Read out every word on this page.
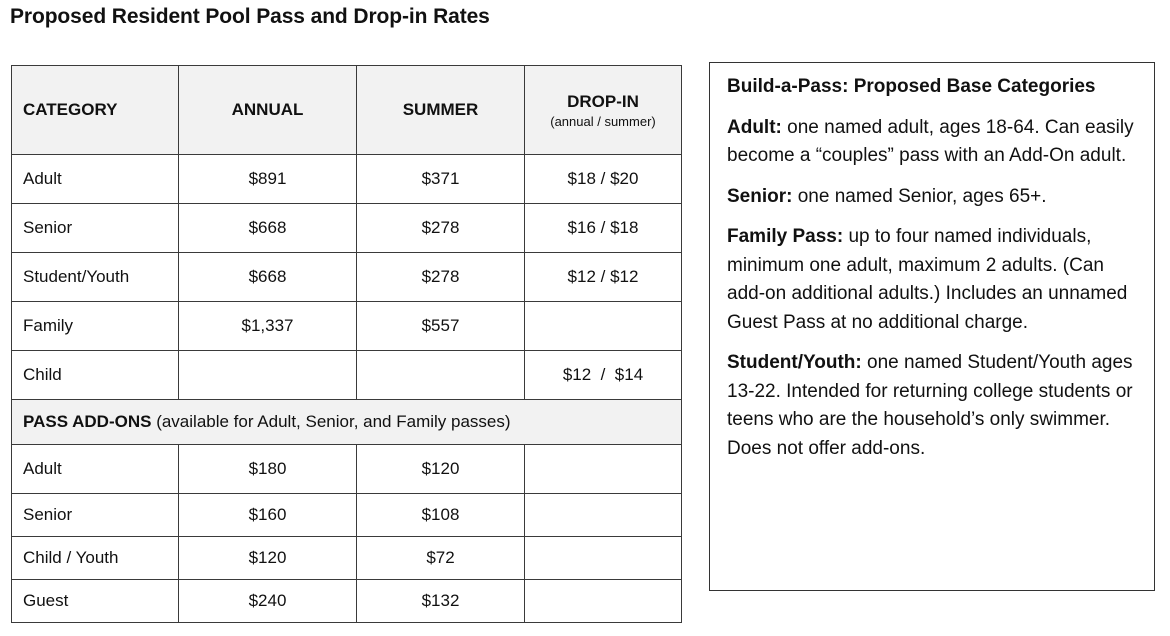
Proposed Resident Pool Pass and Drop-in Rates
CATEGORY	ANNUAL	SUMMER	DROP-IN
(annual / summer)

Adult	$891	$371	$18 / $20
Senior	$668	$278	$16 / $18
Student/Youth	$668	$278	$12 / $12
Family	$1,337	$557	
Child			$12  /  $14
PASS ADD-ONS (available for Adult, Senior, and Family passes)			
Adult	$180	$120	
Senior	$160	$108	
Child / Youth	$120	$72	
Guest	$240	$132	
Build-a-Pass: Proposed Base Categories

Adult: one named adult, ages 18-64. Can easily become a “couples” pass with an Add-On adult.

Senior: one named Senior, ages 65+.

Family Pass: up to four named individuals, minimum one adult, maximum 2 adults. (Can add-on additional adults.) Includes an unnamed Guest Pass at no additional charge.

Student/Youth: one named Student/Youth ages 13-22. Intended for returning college students or teens who are the household’s only swimmer. Does not offer add-ons.
